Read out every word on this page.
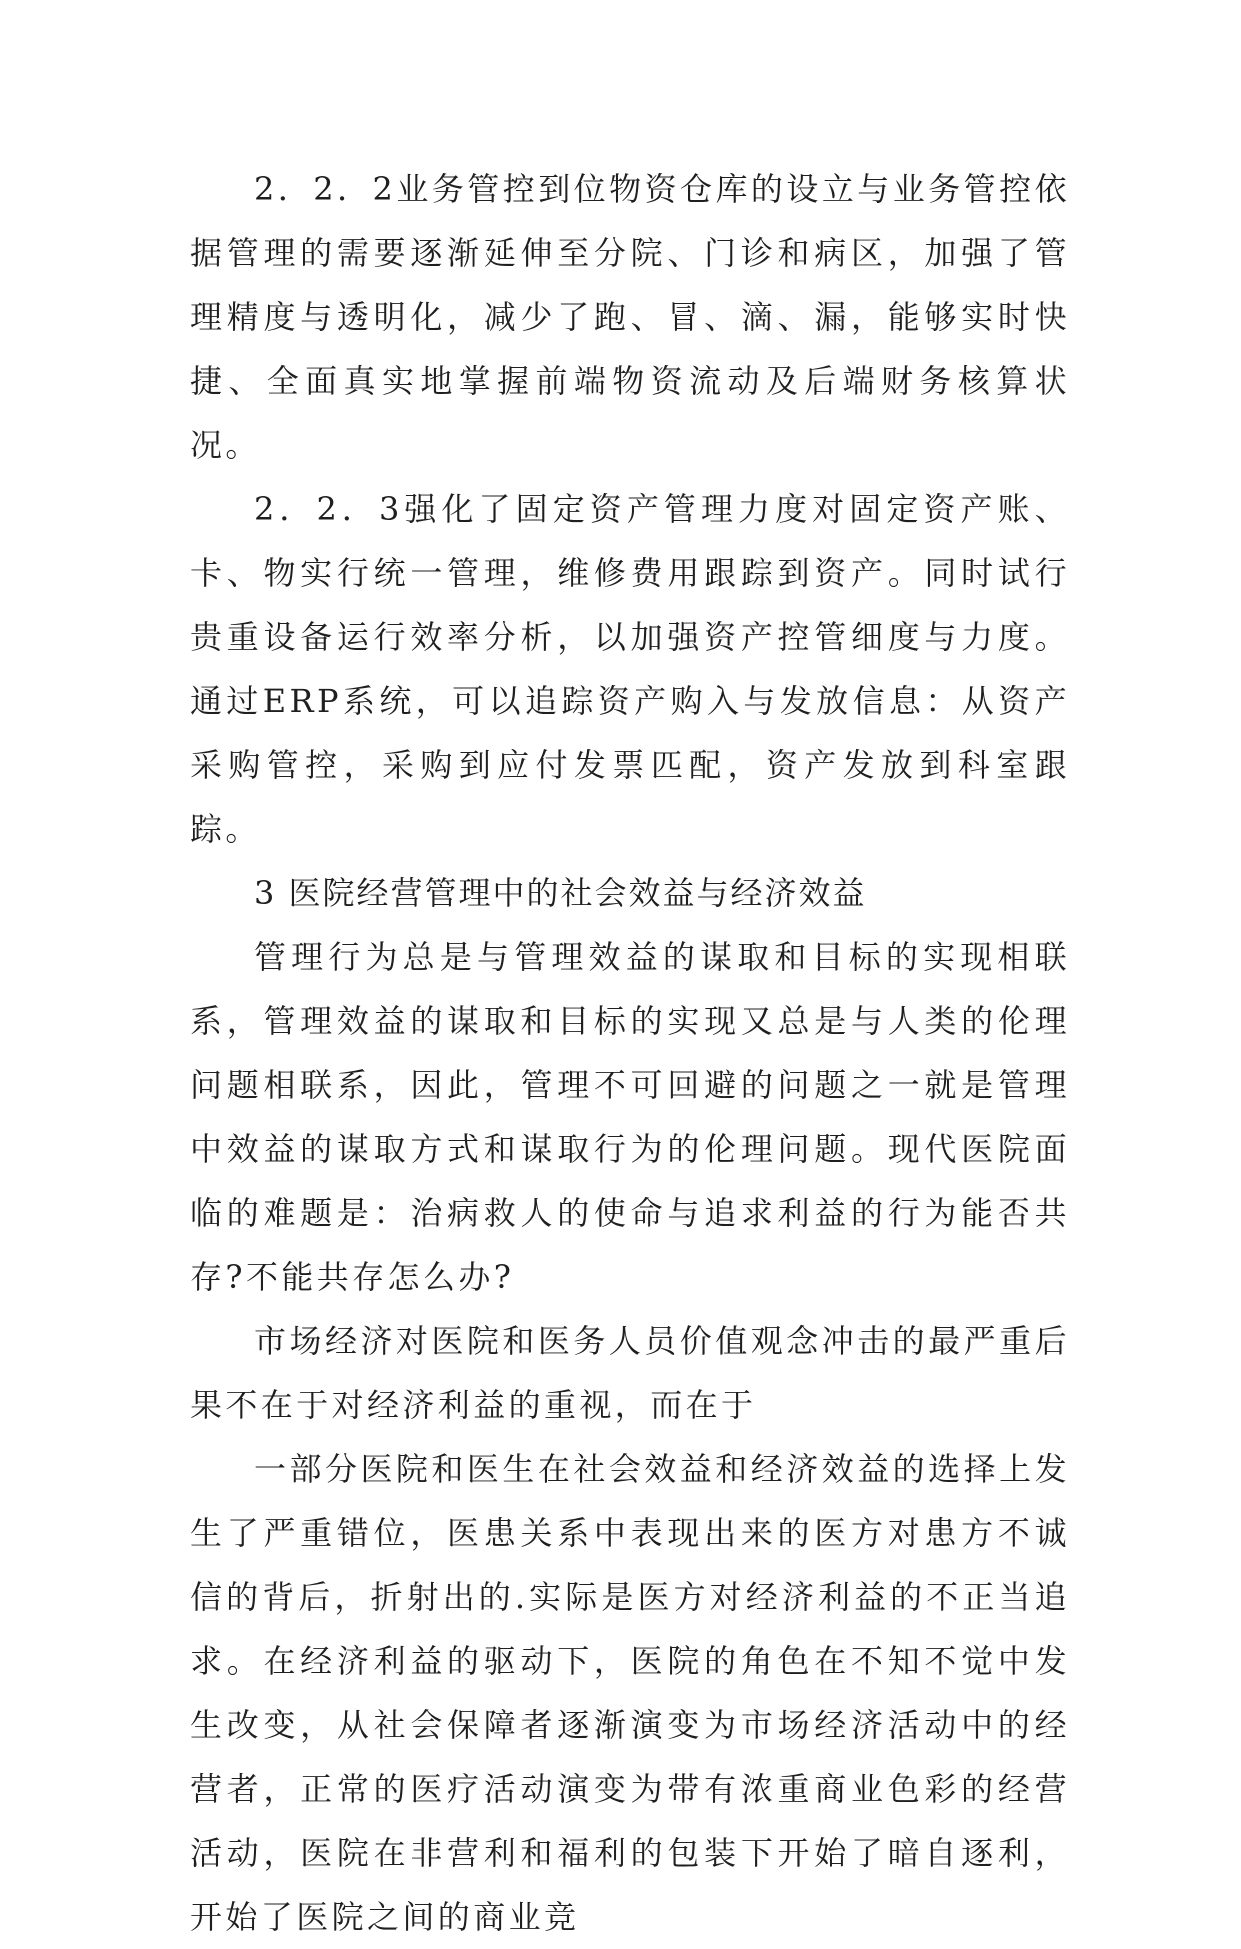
2．2．2业务管控到位物资仓库的设立与业务管控依据管理的需要逐渐延伸至分院、门诊和病区，加强了管理精度与透明化，减少了跑、冒、滴、漏，能够实时快捷、全面真实地掌握前端物资流动及后端财务核算状况。

2．2．3强化了固定资产管理力度对固定资产账、卡、物实行统一管理，维修费用跟踪到资产。同时试行贵重设备运行效率分析，以加强资产控管细度与力度。通过ERP系统，可以追踪资产购入与发放信息：从资产采购管控，采购到应付发票匹配，资产发放到科室跟踪。

3 医院经营管理中的社会效益与经济效益

管理行为总是与管理效益的谋取和目标的实现相联系，管理效益的谋取和目标的实现又总是与人类的伦理问题相联系，因此，管理不可回避的问题之一就是管理中效益的谋取方式和谋取行为的伦理问题。现代医院面临的难题是：治病救人的使命与追求利益的行为能否共存?不能共存怎么办?

市场经济对医院和医务人员价值观念冲击的最严重后果不在于对经济利益的重视，而在于

一部分医院和医生在社会效益和经济效益的选择上发生了严重错位，医患关系中表现出来的医方对患方不诚信的背后，折射出的.实际是医方对经济利益的不正当追求。在经济利益的驱动下，医院的角色在不知不觉中发生改变，从社会保障者逐渐演变为市场经济活动中的经营者，正常的医疗活动演变为带有浓重商业色彩的经营活动，医院在非营利和福利的包装下开始了暗自逐利，开始了医院之间的商业竞
